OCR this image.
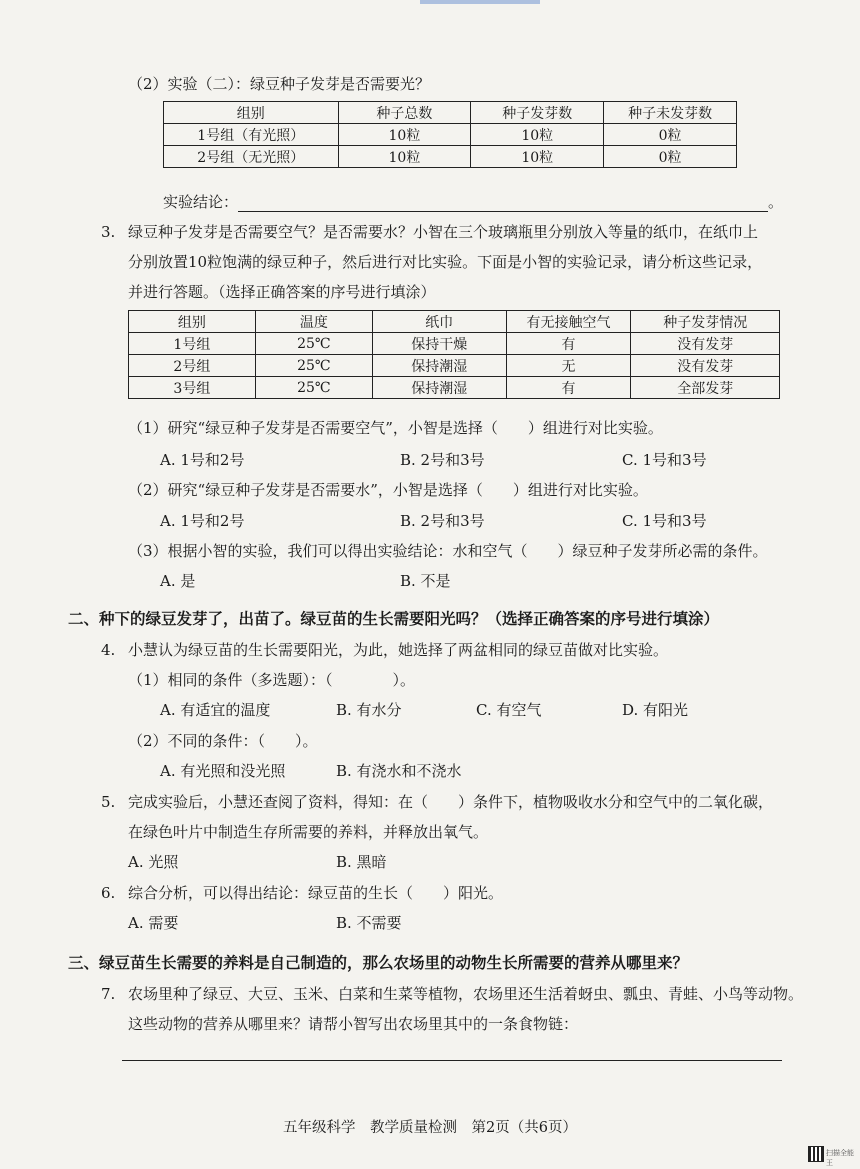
（2）实验（二）：绿豆种子发芽是否需要光？
组别	种子总数	种子发芽数	种子未发芽数
1号组（有光照）	10粒	10粒	0粒
2号组（无光照）	10粒	10粒	0粒
实验结论：	。
3. 绿豆种子发芽是否需要空气？是否需要水？小智在三个玻璃瓶里分别放入等量的纸巾，在纸巾上
分别放置10粒饱满的绿豆种子，然后进行对比实验。下面是小智的实验记录，请分析这些记录，
并进行答题。（选择正确答案的序号进行填涂）
组别	温度	纸巾	有无接触空气	种子发芽情况
1号组	25℃	保持干燥	有	没有发芽
2号组	25℃	保持潮湿	无	没有发芽
3号组	25℃	保持潮湿	有	全部发芽
（1）研究“绿豆种子发芽是否需要空气”，小智是选择（　　）组进行对比实验。
A. 1号和2号	B. 2号和3号	C. 1号和3号
（2）研究“绿豆种子发芽是否需要水”，小智是选择（　　）组进行对比实验。
A. 1号和2号	B. 2号和3号	C. 1号和3号
（3）根据小智的实验，我们可以得出实验结论：水和空气（　　）绿豆种子发芽所必需的条件。
A. 是	B. 不是
二、种下的绿豆发芽了，出苗了。绿豆苗的生长需要阳光吗？（选择正确答案的序号进行填涂）
4. 小慧认为绿豆苗的生长需要阳光，为此，她选择了两盆相同的绿豆苗做对比实验。
（1）相同的条件（多选题）：（　　　　）。
A. 有适宜的温度	B. 有水分	C. 有空气	D. 有阳光
（2）不同的条件：（　　）。
A. 有光照和没光照	B. 有浇水和不浇水
5. 完成实验后，小慧还查阅了资料，得知：在（　　）条件下，植物吸收水分和空气中的二氧化碳，
在绿色叶片中制造生存所需要的养料，并释放出氧气。
A. 光照	B. 黑暗
6. 综合分析，可以得出结论：绿豆苗的生长（　　）阳光。
A. 需要	B. 不需要
三、绿豆苗生长需要的养料是自己制造的，那么农场里的动物生长所需要的营养从哪里来？
7. 农场里种了绿豆、大豆、玉米、白菜和生菜等植物，农场里还生活着蚜虫、瓢虫、青蛙、小鸟等动物。
这些动物的营养从哪里来？请帮小智写出农场里其中的一条食物链：
五年级科学　教学质量检测　第2页（共6页）
扫描全能王
